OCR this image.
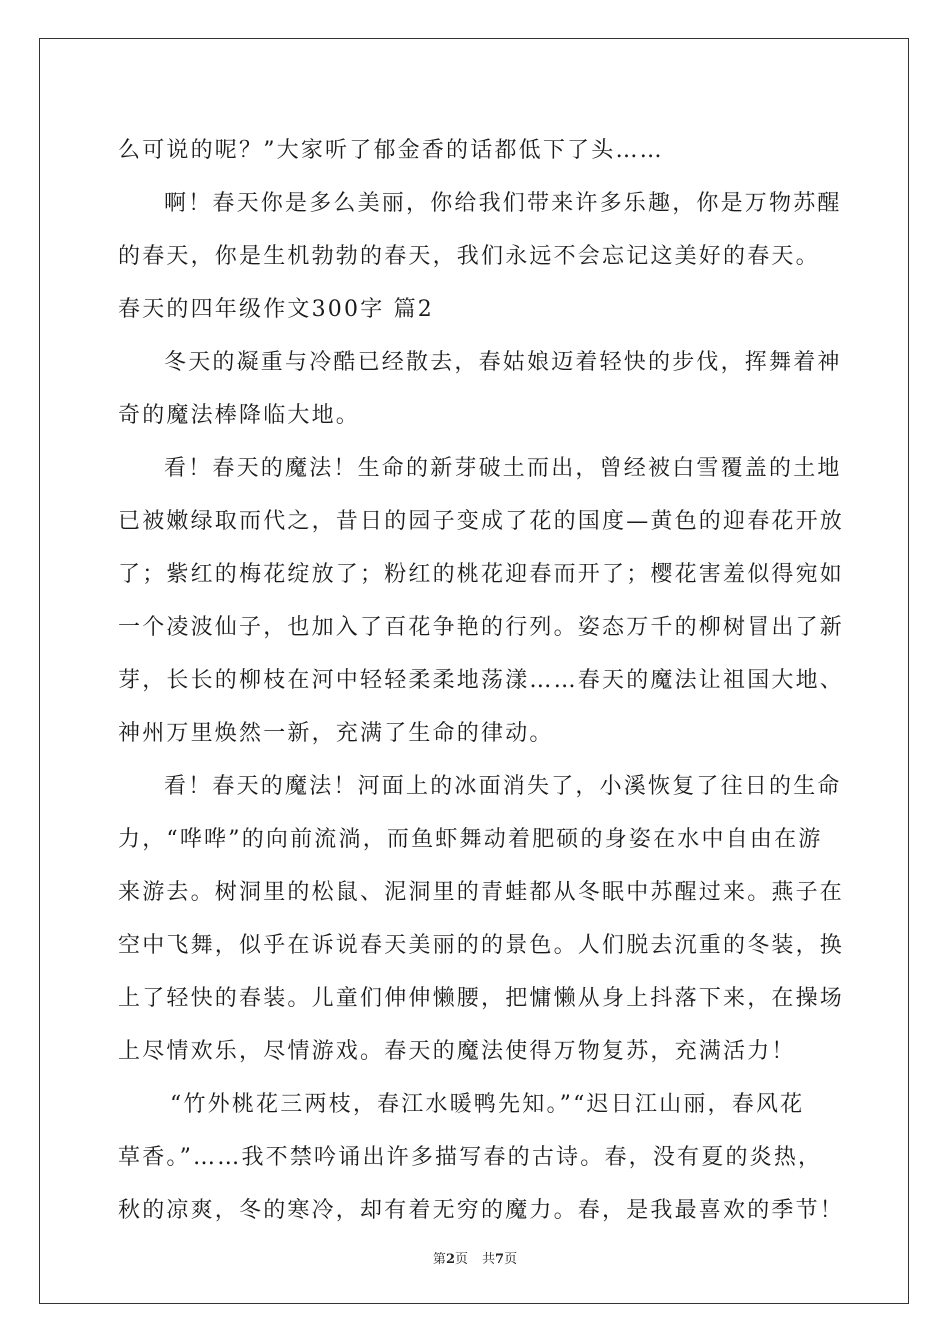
么可说的呢？”大家听了郁金香的话都低下了头……
啊！春天你是多么美丽，你给我们带来许多乐趣，你是万物苏醒
的春天，你是生机勃勃的春天，我们永远不会忘记这美好的春天。
春天的四年级作文300字 篇2
冬天的凝重与冷酷已经散去，春姑娘迈着轻快的步伐，挥舞着神
奇的魔法棒降临大地。
看！春天的魔法！生命的新芽破土而出，曾经被白雪覆盖的土地
已被嫩绿取而代之，昔日的园子变成了花的国度—黄色的迎春花开放
了；紫红的梅花绽放了；粉红的桃花迎春而开了；樱花害羞似得宛如
一个凌波仙子，也加入了百花争艳的行列。姿态万千的柳树冒出了新
芽，长长的柳枝在河中轻轻柔柔地荡漾……春天的魔法让祖国大地、
神州万里焕然一新，充满了生命的律动。
看！春天的魔法！河面上的冰面消失了，小溪恢复了往日的生命
力，“哗哗”的向前流淌，而鱼虾舞动着肥硕的身姿在水中自由在游
来游去。树洞里的松鼠、泥洞里的青蛙都从冬眠中苏醒过来。燕子在
空中飞舞，似乎在诉说春天美丽的的景色。人们脱去沉重的冬装，换
上了轻快的春装。儿童们伸伸懒腰，把慵懒从身上抖落下来，在操场
上尽情欢乐，尽情游戏。春天的魔法使得万物复苏，充满活力！
“竹外桃花三两枝，春江水暖鸭先知。”“迟日江山丽，春风花
草香。”……我不禁吟诵出许多描写春的古诗。春，没有夏的炎热，
秋的凉爽，冬的寒冷，却有着无穷的魔力。春，是我最喜欢的季节！
第2页 共7页
